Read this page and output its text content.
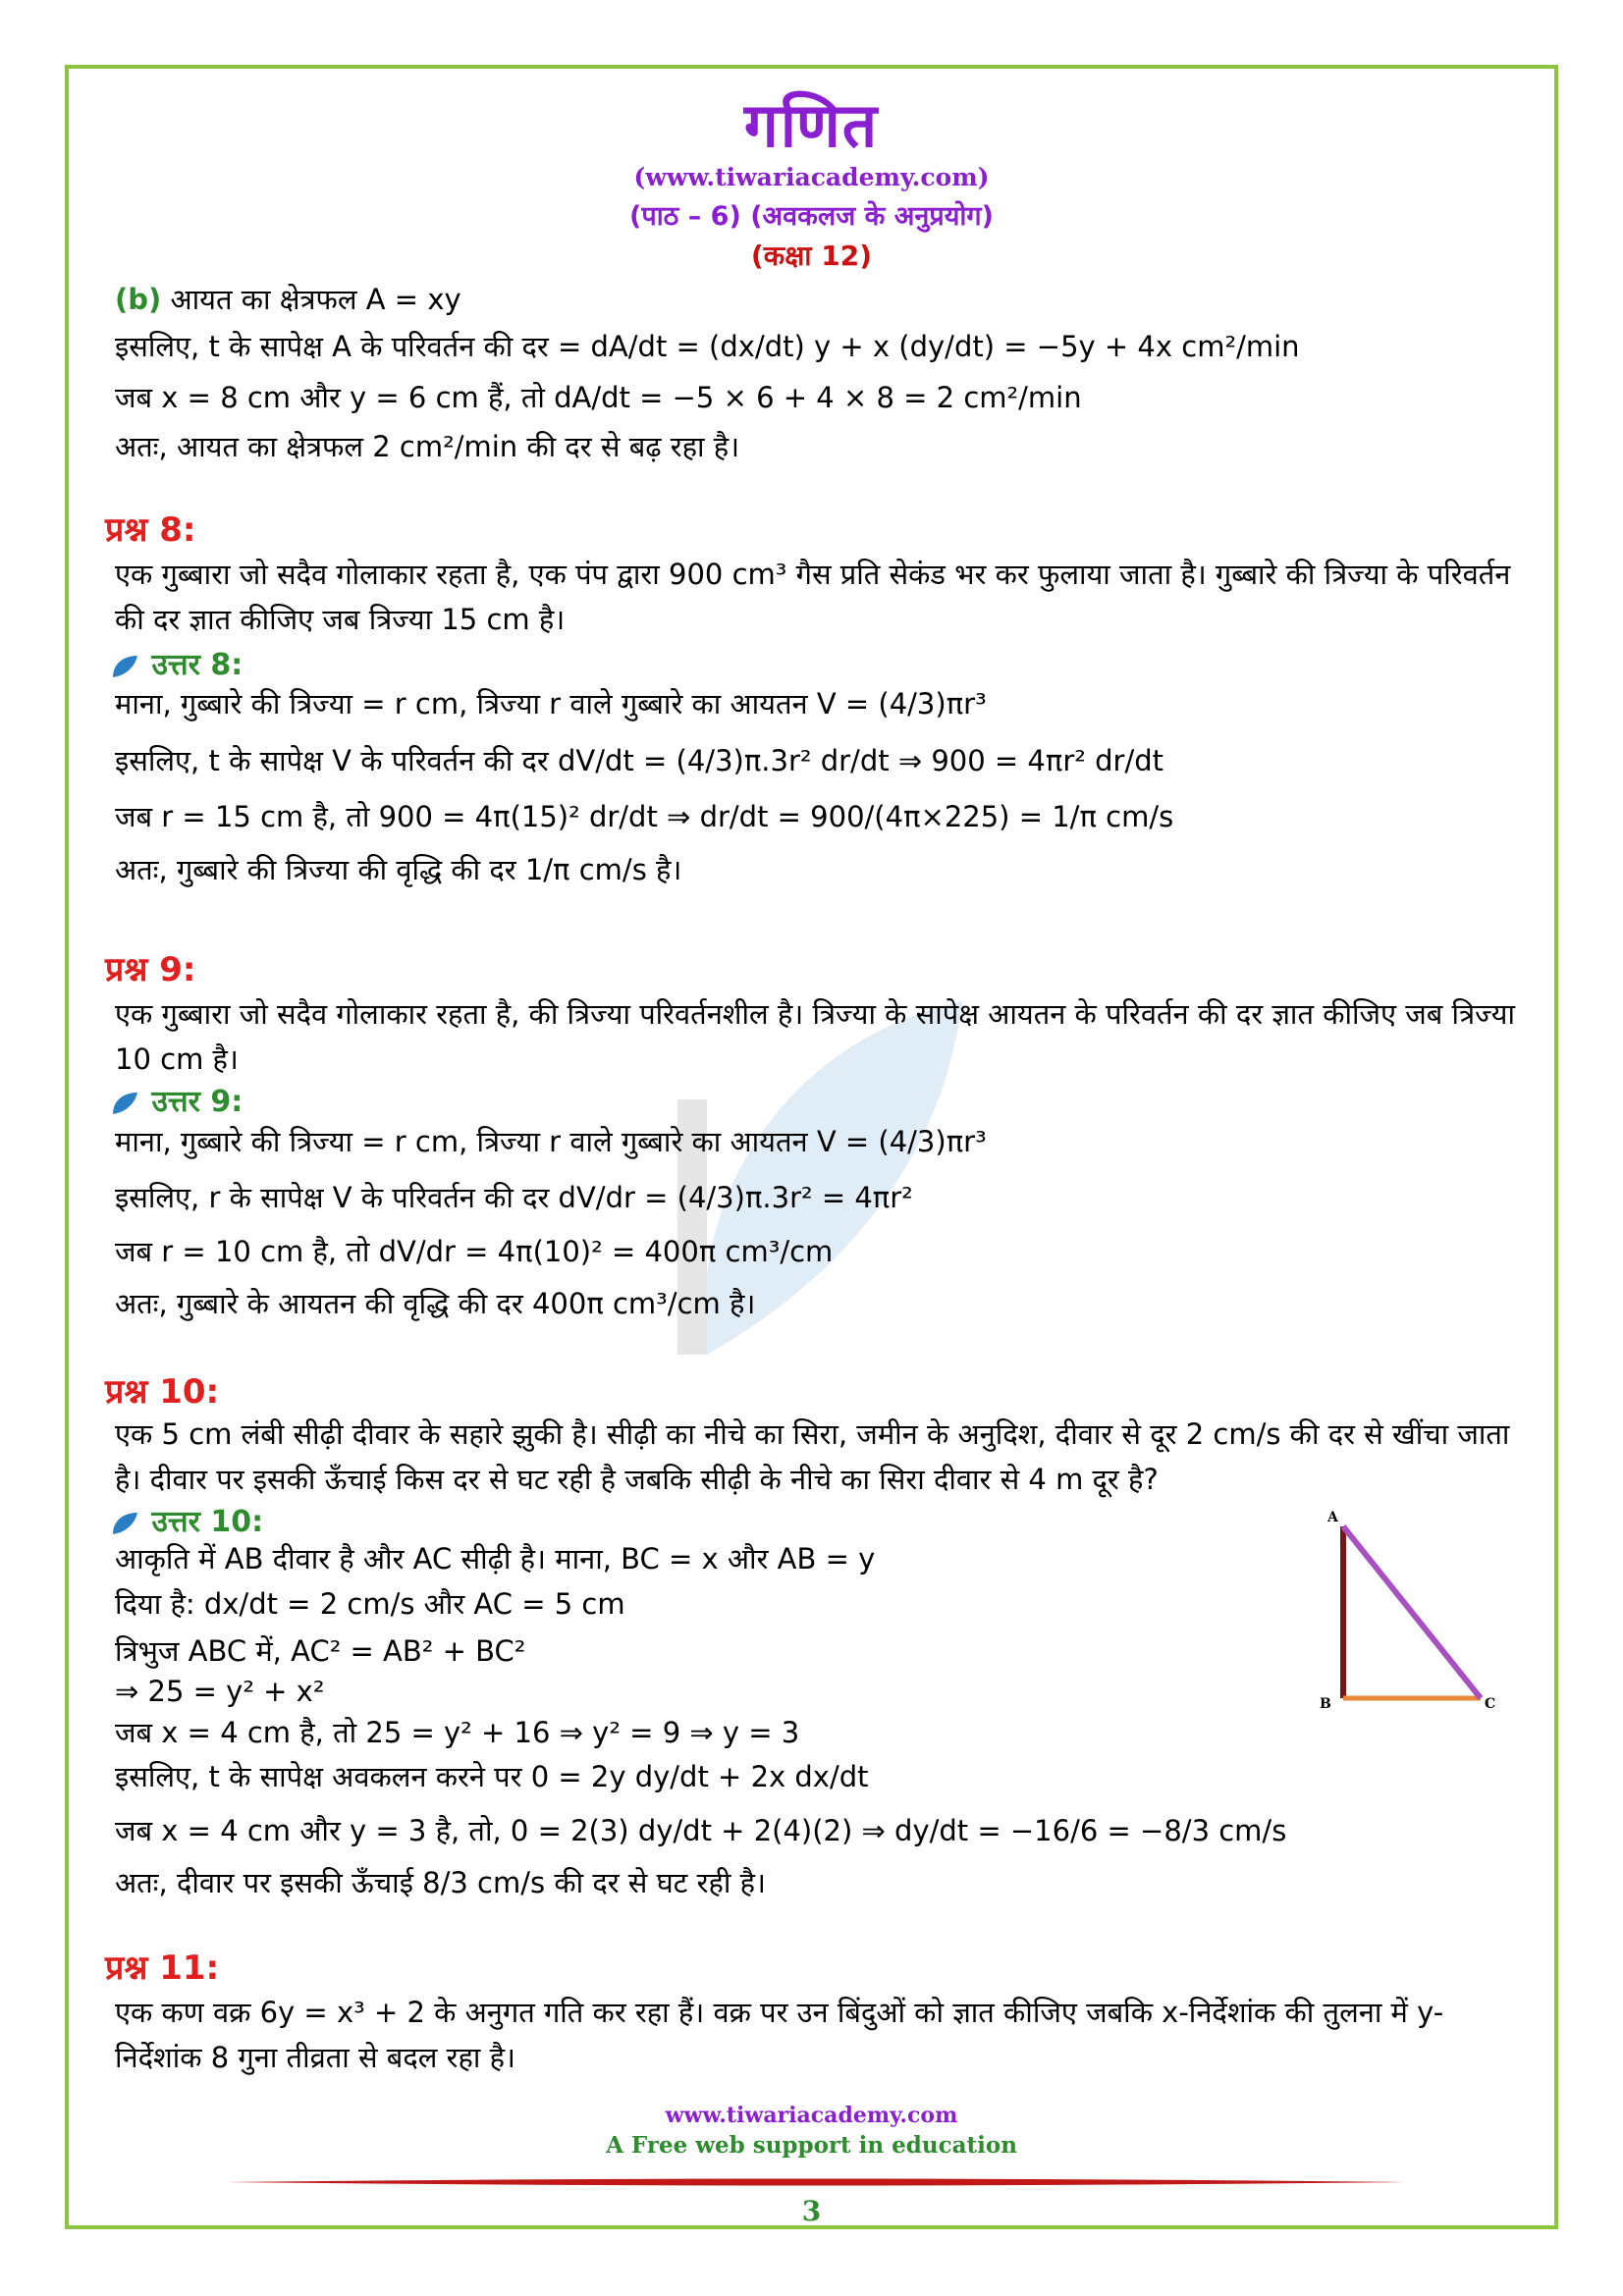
गणित
(www.tiwariacademy.com)
(पाठ – 6) (अवकलज के अनुप्रयोग)
(कक्षा 12)
(b) आयत का क्षेत्रफल A = xy
इसलिए, t के सापेक्ष A के परिवर्तन की दर = dA/dt = (dx/dt) y + x (dy/dt) = −5y + 4x cm²/min
जब x = 8 cm और y = 6 cm हैं, तो dA/dt = −5 × 6 + 4 × 8 = 2 cm²/min
अतः, आयत का क्षेत्रफल 2 cm²/min की दर से बढ़ रहा है।
प्रश्न 8:
एक गुब्बारा जो सदैव गोलाकार रहता है, एक पंप द्वारा 900 cm³ गैस प्रति सेकंड भर कर फुलाया जाता है। गुब्बारे की त्रिज्या के परिवर्तन की दर ज्ञात कीजिए जब त्रिज्या 15 cm है।
उत्तर 8:
माना, गुब्बारे की त्रिज्या = r cm, त्रिज्या r वाले गुब्बारे का आयतन V = (4/3)πr³
इसलिए, t के सापेक्ष V के परिवर्तन की दर dV/dt = (4/3)π.3r² dr/dt ⇒ 900 = 4πr² dr/dt
जब r = 15 cm है, तो 900 = 4π(15)² dr/dt ⇒ dr/dt = 900/(4π×225) = 1/π cm/s
अतः, गुब्बारे की त्रिज्या की वृद्धि की दर 1/π cm/s है।
प्रश्न 9:
एक गुब्बारा जो सदैव गोलाकार रहता है, की त्रिज्या परिवर्तनशील है। त्रिज्या के सापेक्ष आयतन के परिवर्तन की दर ज्ञात कीजिए जब त्रिज्या 10 cm है।
उत्तर 9:
माना, गुब्बारे की त्रिज्या = r cm, त्रिज्या r वाले गुब्बारे का आयतन V = (4/3)πr³
इसलिए, r के सापेक्ष V के परिवर्तन की दर dV/dr = (4/3)π.3r² = 4πr²
जब r = 10 cm है, तो dV/dr = 4π(10)² = 400π cm³/cm
अतः, गुब्बारे के आयतन की वृद्धि की दर 400π cm³/cm है।
प्रश्न 10:
एक 5 cm लंबी सीढ़ी दीवार के सहारे झुकी है। सीढ़ी का नीचे का सिरा, जमीन के अनुदिश, दीवार से दूर 2 cm/s की दर से खींचा जाता है। दीवार पर इसकी ऊँचाई किस दर से घट रही है जबकि सीढ़ी के नीचे का सिरा दीवार से 4 m दूर है?
उत्तर 10:
आकृति में AB दीवार है और AC सीढ़ी है। माना, BC = x और AB = y
दिया है: dx/dt = 2 cm/s और AC = 5 cm
त्रिभुज ABC में, AC² = AB² + BC²
⇒ 25 = y² + x²
जब x = 4 cm है, तो 25 = y² + 16 ⇒ y² = 9 ⇒ y = 3
इसलिए, t के सापेक्ष अवकलन करने पर 0 = 2y dy/dt + 2x dx/dt
जब x = 4 cm और y = 3 है, तो, 0 = 2(3) dy/dt + 2(4)(2) ⇒ dy/dt = −16/6 = −8/3 cm/s
अतः, दीवार पर इसकी ऊँचाई 8/3 cm/s की दर से घट रही है।
A
B	C
प्रश्न 11:
एक कण वक्र 6y = x³ + 2 के अनुगत गति कर रहा हैं। वक्र पर उन बिंदुओं को ज्ञात कीजिए जबकि x-निर्देशांक की तुलना में y-निर्देशांक 8 गुना तीव्रता से बदल रहा है।
www.tiwariacademy.com
A Free web support in education
3
